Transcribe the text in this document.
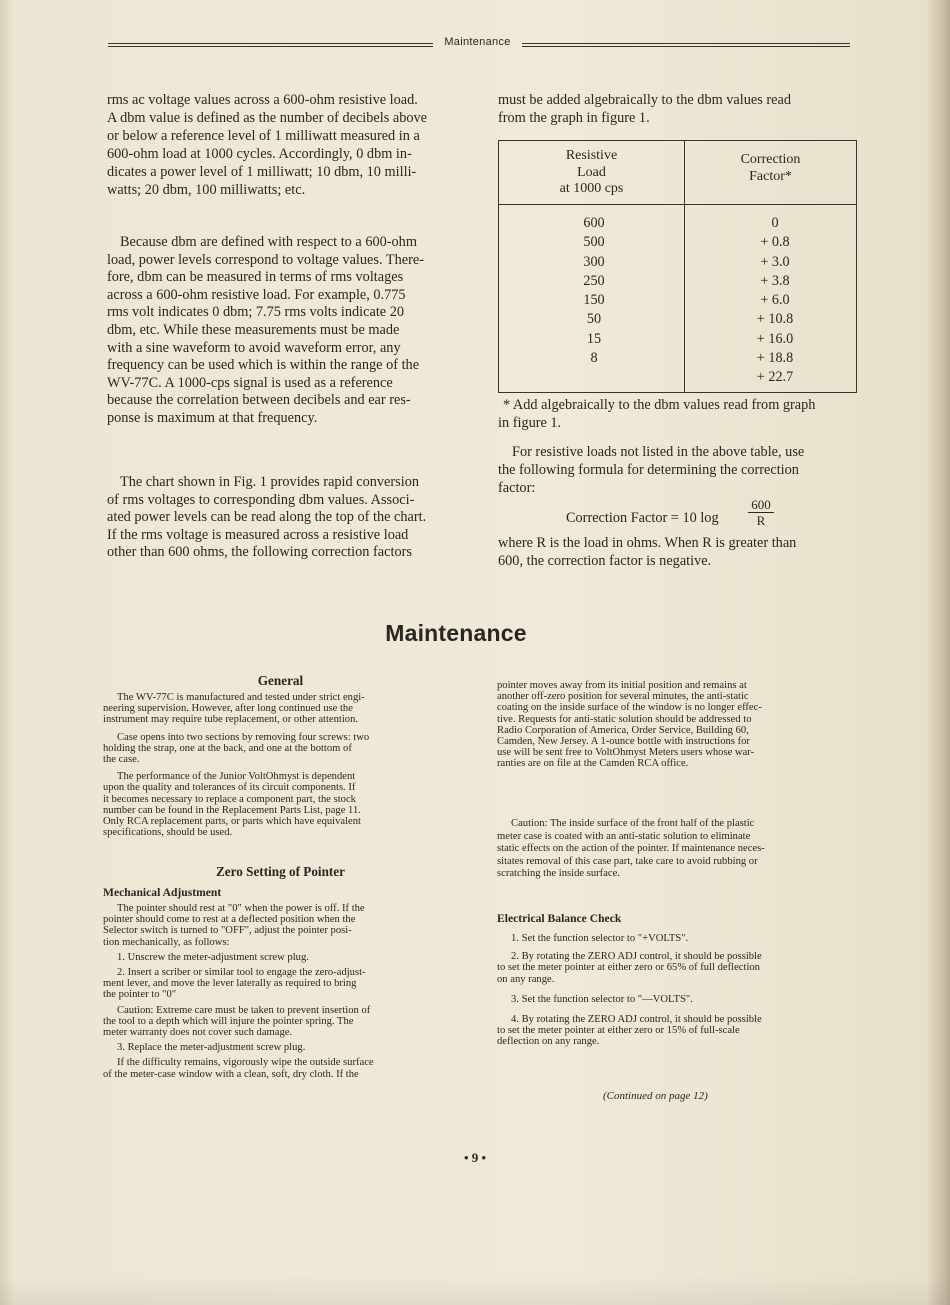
Maintenance
rms ac voltage values across a 600-ohm resistive load.
A dbm value is defined as the number of decibels above
or below a reference level of 1 milliwatt measured in a
600-ohm load at 1000 cycles. Accordingly, 0 dbm in-
dicates a power level of 1 milliwatt; 10 dbm, 10 milli-
watts; 20 dbm, 100 milliwatts; etc.
Because dbm are defined with respect to a 600-ohm
load, power levels correspond to voltage values. There-
fore, dbm can be measured in terms of rms voltages
across a 600-ohm resistive load. For example, 0.775
rms volt indicates 0 dbm; 7.75 rms volts indicate 20
dbm, etc. While these measurements must be made
with a sine waveform to avoid waveform error, any
frequency can be used which is within the range of the
WV-77C. A 1000-cps signal is used as a reference
because the correlation between decibels and ear res-
ponse is maximum at that frequency.
The chart shown in Fig. 1 provides rapid conversion
of rms voltages to corresponding dbm values. Associ-
ated power levels can be read along the top of the chart.
If the rms voltage is measured across a resistive load
other than 600 ohms, the following correction factors
must be added algebraically to the dbm values read
from the graph in figure 1.
Resistive
Load
at 1000 cps
Correction
Factor*
600
500
300
250
150
50
15
8
0
+ 0.8
+ 3.0
+ 3.8
+ 6.0
+ 10.8
+ 16.0
+ 18.8
+ 22.7
* Add algebraically to the dbm values read from graph
in figure 1.
For resistive loads not listed in the above table, use
the following formula for determining the correction
factor:
Correction Factor = 10 $\log \frac{600}{R}$
where R is the load in ohms. When R is greater than
600, the correction factor is negative.
Maintenance
General
The WV-77C is manufactured and tested under strict engi-
neering supervision. However, after long continued use the
instrument may require tube replacement, or other attention.
Case opens into two sections by removing four screws: two
holding the strap, one at the back, and one at the bottom of
the case.
The performance of the Junior VoltOhmyst is dependent
upon the quality and tolerances of its circuit components. If
it becomes necessary to replace a component part, the stock
number can be found in the Replacement Parts List, page 11.
Only RCA replacement parts, or parts which have equivalent
specifications, should be used.
Zero Setting of Pointer
Mechanical Adjustment
The pointer should rest at "0" when the power is off. If the
pointer should come to rest at a deflected position when the
Selector switch is turned to "OFF", adjust the pointer posi-
tion mechanically, as follows:
1. Unscrew the meter-adjustment screw plug.
2. Insert a scriber or similar tool to engage the zero-adjust-
ment lever, and move the lever laterally as required to bring
the pointer to "0"
Caution: Extreme care must be taken to prevent insertion of
the tool to a depth which will injure the pointer spring. The
meter warranty does not cover such damage.
3. Replace the meter-adjustment screw plug.
If the difficulty remains, vigorously wipe the outside surface
of the meter-case window with a clean, soft, dry cloth. If the
pointer moves away from its initial position and remains at
another off-zero position for several minutes, the anti-static
coating on the inside surface of the window is no longer effec-
tive. Requests for anti-static solution should be addressed to
Radio Corporation of America, Order Service, Building 60,
Camden, New Jersey. A 1-ounce bottle with instructions for
use will be sent free to VoltOhmyst Meters users whose war-
ranties are on file at the Camden RCA office.
Caution: The inside surface of the front half of the plastic
meter case is coated with an anti-static solution to eliminate
static effects on the action of the pointer. If maintenance neces-
sitates removal of this case part, take care to avoid rubbing or
scratching the inside surface.
Electrical Balance Check
1. Set the function selector to "+VOLTS".
2. By rotating the ZERO ADJ control, it should be possible
to set the meter pointer at either zero or 65% of full deflection
on any range.
3. Set the function selector to "—VOLTS".
4. By rotating the ZERO ADJ control, it should be possible
to set the meter pointer at either zero or 15% of full-scale
deflection on any range.
(Continued on page 12)
• 9 •
